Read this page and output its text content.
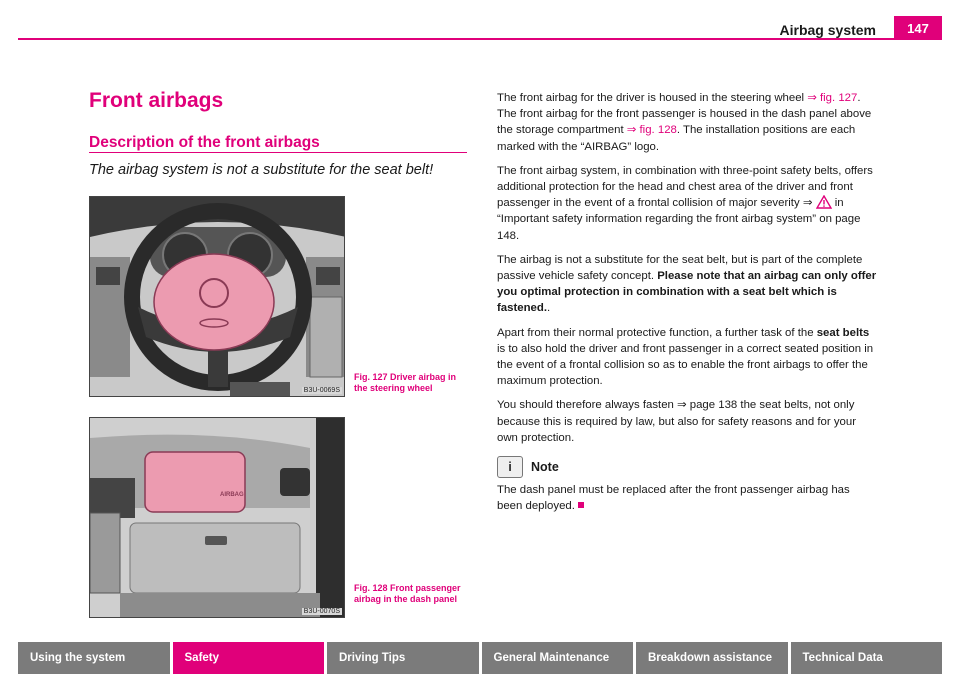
Airbag system	147
Front airbags
Description of the front airbags
The airbag system is not a substitute for the seat belt!
B3U-0069S
Fig. 127 Driver airbag in the steering wheel
AIRBAG
B3U-0070S
Fig. 128 Front passenger airbag in the dash panel

The front airbag for the driver is housed in the steering wheel ⇒ fig. 127. The front airbag for the front passenger is housed in the dash panel above the storage compartment ⇒ fig. 128. The installation positions are each marked with the “AIRBAG” logo.

The front airbag system, in combination with three-point safety belts, offers additional protection for the head and chest area of the driver and front passenger in the event of a frontal collision of major severity ⇒  in “Important safety information regarding the front airbag system” on page 148.

The airbag is not a substitute for the seat belt, but is part of the complete passive vehicle safety concept. Please note that an airbag can only offer you optimal protection in combination with a seat belt which is fastened..

Apart from their normal protective function, a further task of the seat belts is to also hold the driver and front passenger in a correct seated position in the event of a frontal collision so as to enable the front airbags to offer the maximum protection.

You should therefore always fasten ⇒ page 138 the seat belts, not only because this is required by law, but also for safety reasons and for your own protection.

i	Note

The dash panel must be replaced after the front passenger airbag has been deployed.

Using the system	Safety	Driving Tips	General Maintenance	Breakdown assistance	Technical Data
